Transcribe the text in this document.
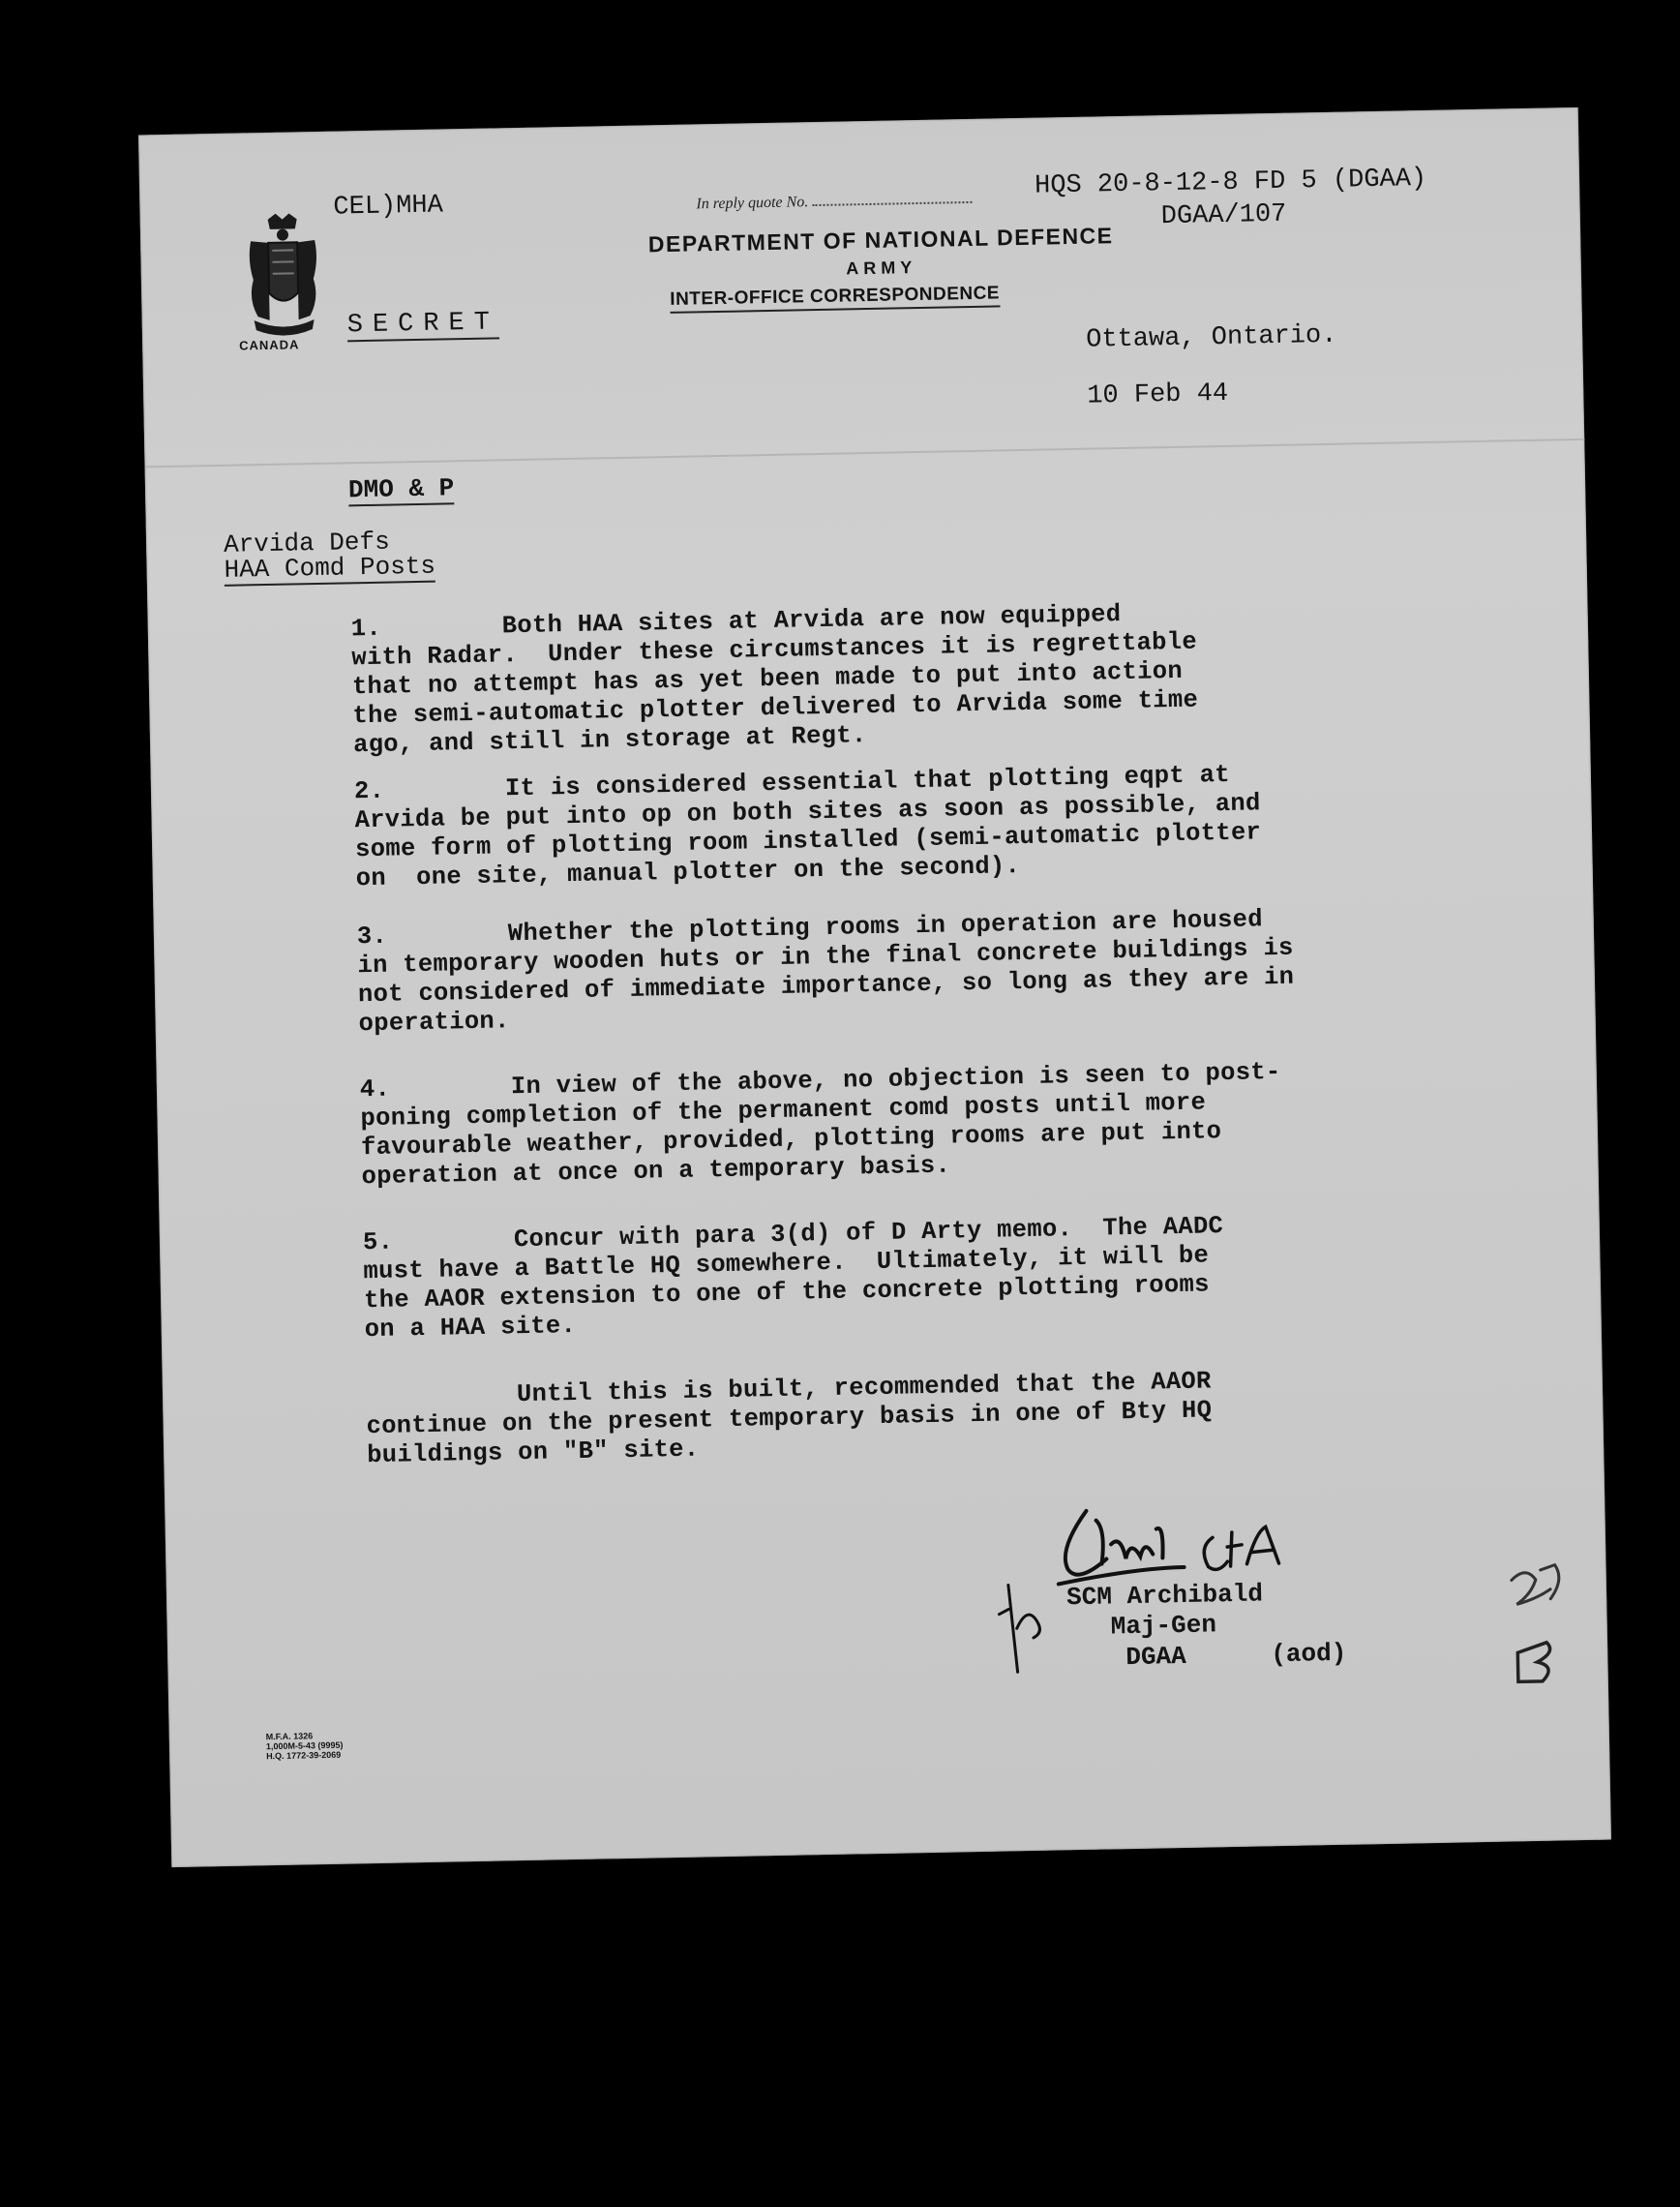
CANADA
CEL)MHA	In reply quote No.
HQS 20-8-12-8 FD 5 (DGAA)
DGAA/107
DEPARTMENT OF NATIONAL DEFENCE
ARMY
INTER-OFFICE CORRESPONDENCE
SECRET	Ottawa, Ontario.
10 Feb 44
DMO & P
Arvida Defs
HAA Comd Posts
1.        Both HAA sites at Arvida are now equipped
with Radar.  Under these circumstances it is regrettable
that no attempt has as yet been made to put into action
the semi-automatic plotter delivered to Arvida some time
ago, and still in storage at Regt.
2.        It is considered essential that plotting eqpt at
Arvida be put into op on both sites as soon as possible, and
some form of plotting room installed (semi-automatic plotter
on  one site, manual plotter on the second).
3.        Whether the plotting rooms in operation are housed
in temporary wooden huts or in the final concrete buildings is
not considered of immediate importance, so long as they are in
operation.
4.        In view of the above, no objection is seen to post-
poning completion of the permanent comd posts until more
favourable weather, provided, plotting rooms are put into
operation at once on a temporary basis.
5.        Concur with para 3(d) of D Arty memo.  The AADC
must have a Battle HQ somewhere.  Ultimately, it will be
the AAOR extension to one of the concrete plotting rooms
on a HAA site.
Until this is built, recommended that the AAOR
continue on the present temporary basis in one of Bty HQ
buildings on "B" site.
SCM Archibald
Maj-Gen
DGAA	(aod)
M.F.A. 1326
1,000M-5-43 (9995)
H.Q. 1772-39-2069
